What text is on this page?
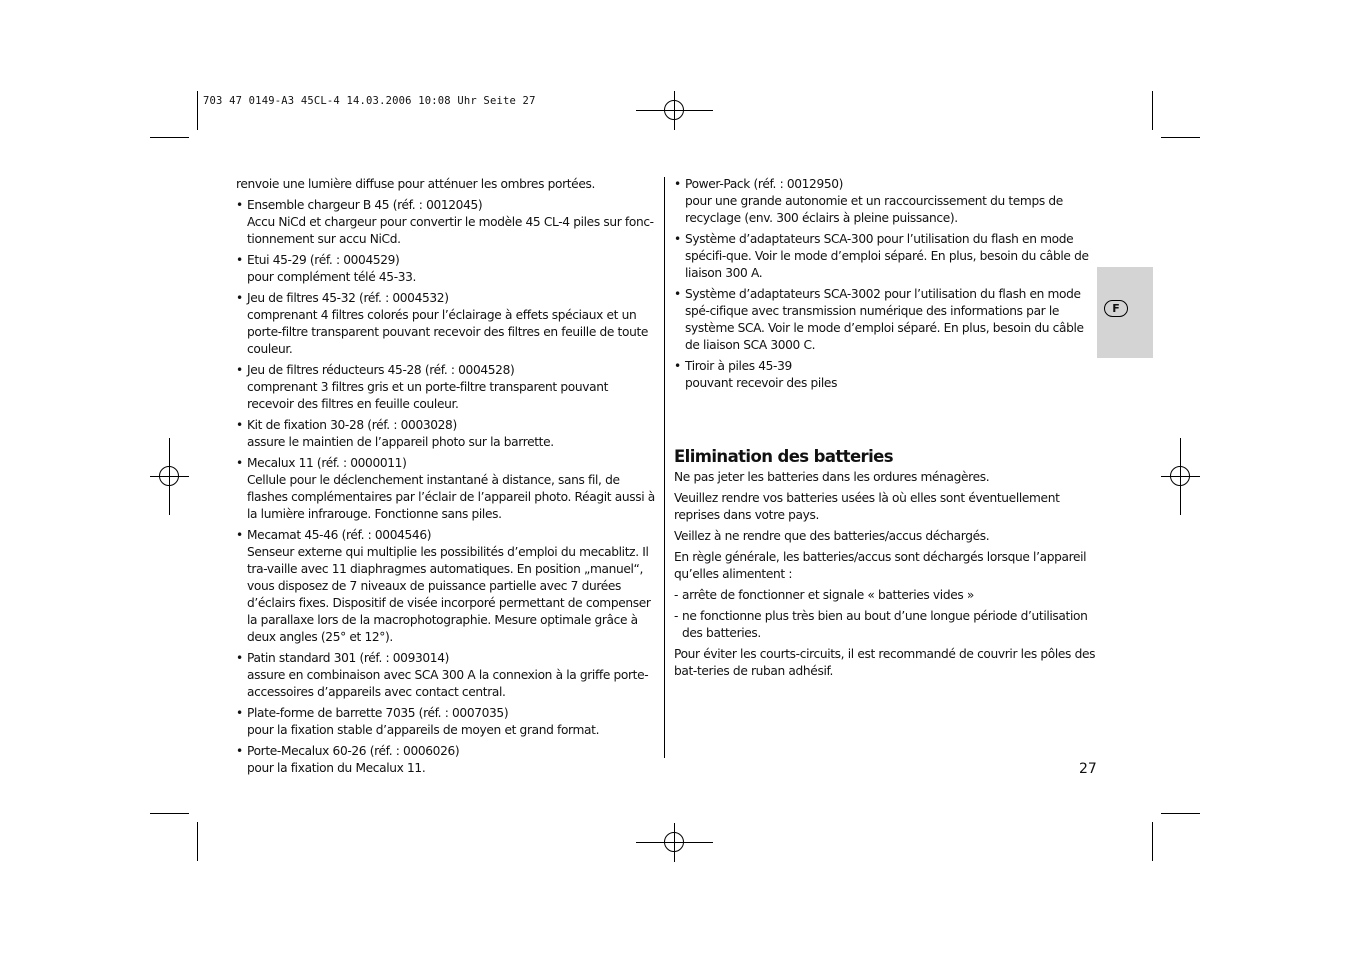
703 47 0149-A3 45CL-4 14.03.2006 10:08 Uhr Seite 27
renvoie une lumière diffuse pour atténuer les ombres portées.
• Ensemble chargeur B 45 (réf. : 0012045)
Accu NiCd et chargeur pour convertir le modèle 45 CL-4 piles sur fonc-tionnement sur accu NiCd.
• Etui 45-29 (réf. : 0004529)
pour complément télé 45-33.
• Jeu de filtres 45-32 (réf. : 0004532)
comprenant 4 filtres colorés pour l’éclairage à effets spéciaux et un porte-filtre transparent pouvant recevoir des filtres en feuille de toute couleur.
• Jeu de filtres réducteurs 45-28 (réf. : 0004528)
comprenant 3 filtres gris et un porte-filtre transparent pouvant recevoir des filtres en feuille couleur.
• Kit de fixation 30-28 (réf. : 0003028)
assure le maintien de l’appareil photo sur la barrette.
• Mecalux 11 (réf. : 0000011)
Cellule pour le déclenchement instantané à distance, sans fil, de flashes complémentaires par l’éclair de l’appareil photo. Réagit aussi à la lumière infrarouge. Fonctionne sans piles.
• Mecamat 45-46 (réf. : 0004546)
Senseur externe qui multiplie les possibilités d’emploi du mecablitz. Il tra-vaille avec 11 diaphragmes automatiques. En position „manuel“, vous disposez de 7 niveaux de puissance partielle avec 7 durées d’éclairs fixes. Dispositif de visée incorporé permettant de compenser la parallaxe lors de la macrophotographie. Mesure optimale grâce à deux angles (25° et 12°).
• Patin standard 301 (réf. : 0093014)
assure en combinaison avec SCA 300 A la connexion à la griffe porte-accessoires d’appareils avec contact central.
• Plate-forme de barrette 7035 (réf. : 0007035)
pour la fixation stable d’appareils de moyen et grand format.
• Porte-Mecalux 60-26 (réf. : 0006026)
pour la fixation du Mecalux 11.
• Power-Pack (réf. : 0012950)
pour une grande autonomie et un raccourcissement du temps de recyclage (env. 300 éclairs à pleine puissance).
• Système d’adaptateurs SCA-300 pour l’utilisation du flash en mode spécifi-que. Voir le mode d’emploi séparé. En plus, besoin du câble de liaison 300 A.
• Système d’adaptateurs SCA-3002 pour l’utilisation du flash en mode spé-cifique avec transmission numérique des informations par le système SCA. Voir le mode d’emploi séparé. En plus, besoin du câble de liaison SCA 3000 C.
• Tiroir à piles 45-39
pouvant recevoir des piles
Elimination des batteries
Ne pas jeter les batteries dans les ordures ménagères.
Veuillez rendre vos batteries usées là où elles sont éventuellement reprises dans votre pays.
Veillez à ne rendre que des batteries/accus déchargés.
En règle générale, les batteries/accus sont déchargés lorsque l’appareil qu’elles alimentent :
- arrête de fonctionner et signale « batteries vides »
- ne fonctionne plus très bien au bout d’une longue période d’utilisation des batteries.
Pour éviter les courts-circuits, il est recommandé de couvrir les pôles des bat-teries de ruban adhésif.
F
27
